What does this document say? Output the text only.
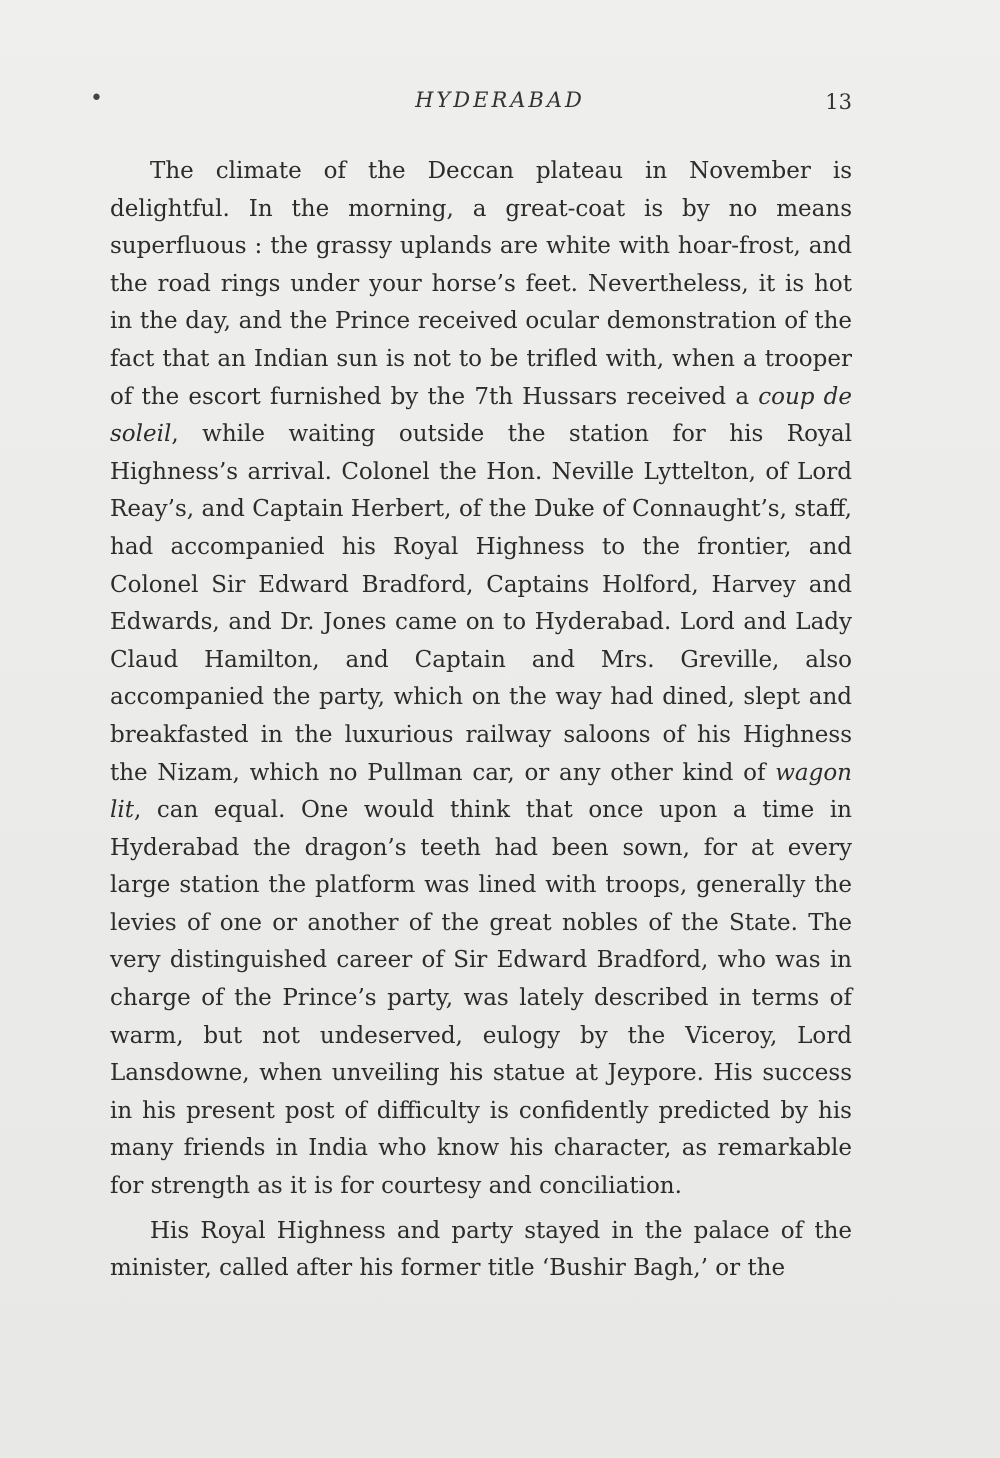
•	HYDERABAD	13

The climate of the Deccan plateau in November is delightful. In the morning, a great-coat is by no means superfluous : the grassy uplands are white with hoar-frost, and the road rings under your horse’s feet. Nevertheless, it is hot in the day, and the Prince received ocular demonstration of the fact that an Indian sun is not to be trifled with, when a trooper of the escort furnished by the 7th Hussars received a coup de soleil, while waiting outside the station for his Royal Highness’s arrival. Colonel the Hon. Neville Lyttelton, of Lord Reay’s, and Captain Herbert, of the Duke of Connaught’s, staff, had accompanied his Royal Highness to the frontier, and Colonel Sir Edward Bradford, Captains Holford, Harvey and Edwards, and Dr. Jones came on to Hyderabad. Lord and Lady Claud Hamilton, and Captain and Mrs. Greville, also accompanied the party, which on the way had dined, slept and breakfasted in the luxurious railway saloons of his Highness the Nizam, which no Pullman car, or any other kind of wagon lit, can equal. One would think that once upon a time in Hyderabad the dragon’s teeth had been sown, for at every large station the platform was lined with troops, generally the levies of one or another of the great nobles of the State. The very distinguished career of Sir Edward Bradford, who was in charge of the Prince’s party, was lately described in terms of warm, but not undeserved, eulogy by the Viceroy, Lord Lansdowne, when unveiling his statue at Jeypore. His success in his present post of difficulty is confidently predicted by his many friends in India who know his character, as remarkable for strength as it is for courtesy and conciliation.

His Royal Highness and party stayed in the palace of the minister, called after his former title ‘Bushir Bagh,’ or the
